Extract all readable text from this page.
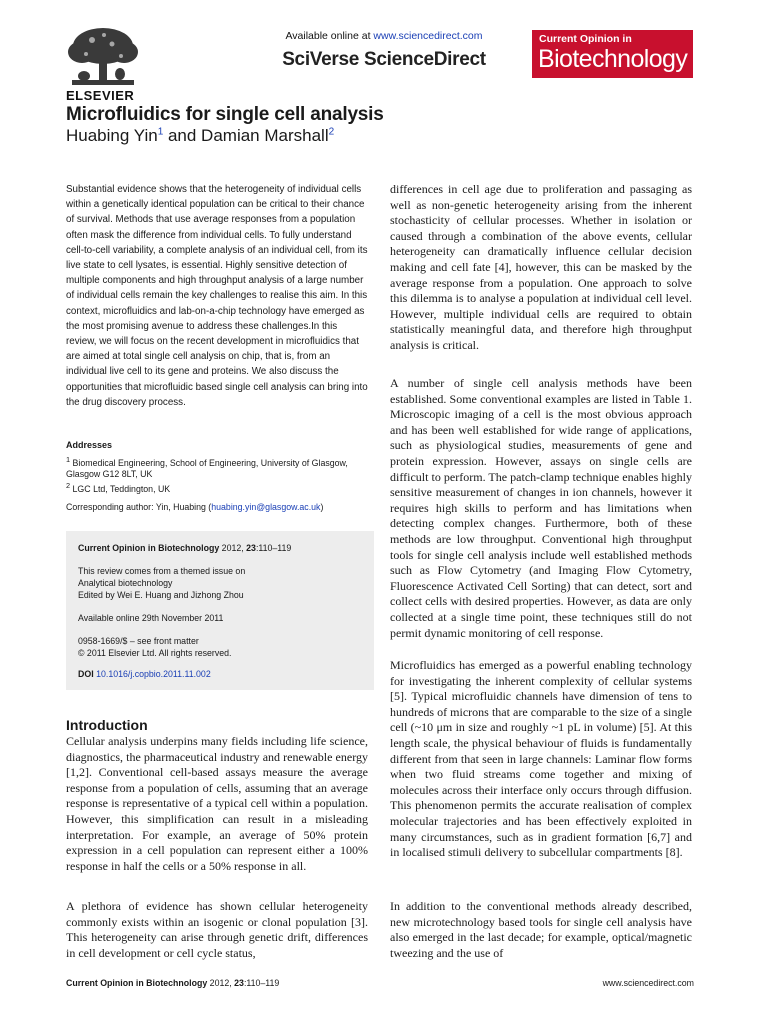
ELSEVIER
Available online at www.sciencedirect.com
SciVerse ScienceDirect
Current Opinion in
Biotechnology
Microfluidics for single cell analysis
Huabing Yin$^1$ and Damian Marshall$^2$
Substantial evidence shows that the heterogeneity of individual cells within a genetically identical population can be critical to their chance of survival. Methods that use average responses from a population often mask the difference from individual cells. To fully understand cell-to-cell variability, a complete analysis of an individual cell, from its live state to cell lysates, is essential. Highly sensitive detection of multiple components and high throughput analysis of a large number of individual cells remain the key challenges to realise this aim. In this context, microfluidics and lab-on-a-chip technology have emerged as the most promising avenue to address these challenges.In this review, we will focus on the recent development in microfluidics that are aimed at total single cell analysis on chip, that is, from an individual live cell to its gene and proteins. We also discuss the opportunities that microfluidic based single cell analysis can bring into the drug discovery process.
Addresses
$^1$ Biomedical Engineering, School of Engineering, University of Glasgow, Glasgow G12 8LT, UK
$^2$ LGC Ltd, Teddington, UK
Corresponding author: Yin, Huabing (huabing.yin@glasgow.ac.uk)
Current Opinion in Biotechnology 2012, 23:110–119
This review comes from a themed issue on
Analytical biotechnology
Edited by Wei E. Huang and Jizhong Zhou
Available online 29th November 2011
0958-1669/$ – see front matter
© 2011 Elsevier Ltd. All rights reserved.
DOI 10.1016/j.copbio.2011.11.002
Introduction
Cellular analysis underpins many fields including life science, diagnostics, the pharmaceutical industry and renewable energy [1,2]. Conventional cell-based assays measure the average response from a population of cells, assuming that an average response is representative of a typical cell within a population. However, this simplification can result in a misleading interpretation. For example, an average of 50% protein expression in a cell population can represent either a 100% response in half the cells or a 50% response in all.
A plethora of evidence has shown cellular heterogeneity commonly exists within an isogenic or clonal population [3]. This heterogeneity can arise through genetic drift, differences in cell development or cell cycle status,
differences in cell age due to proliferation and passaging as well as non-genetic heterogeneity arising from the inherent stochasticity of cellular processes. Whether in isolation or caused through a combination of the above events, cellular heterogeneity can dramatically influence cellular decision making and cell fate [4], however, this can be masked by the average response from a population. One approach to solve this dilemma is to analyse a population at individual cell level. However, multiple individual cells are required to obtain statistically meaningful data, and therefore high throughput analysis is critical.
A number of single cell analysis methods have been established. Some conventional examples are listed in Table 1. Microscopic imaging of a cell is the most obvious approach and has been well established for wide range of applications, such as physiological studies, measurements of gene and protein expression. However, assays on single cells are difficult to perform. The patch-clamp technique enables highly sensitive measurement of changes in ion channels, however it requires high skills to perform and has limitations when detecting complex changes. Furthermore, both of these methods are low throughput. Conventional high throughput tools for single cell analysis include well established methods such as Flow Cytometry (and Imaging Flow Cytometry, Fluorescence Activated Cell Sorting) that can detect, sort and collect cells with desired properties. However, as data are only collected at a single time point, these techniques still do not permit dynamic monitoring of cell response.
Microfluidics has emerged as a powerful enabling technology for investigating the inherent complexity of cellular systems [5]. Typical microfluidic channels have dimension of tens to hundreds of microns that are comparable to the size of a single cell (~10 μm in size and roughly ~1 pL in volume) [5]. At this length scale, the physical behaviour of fluids is fundamentally different from that seen in large channels: Laminar flow forms when two fluid streams come together and mixing of molecules across their interface only occurs through diffusion. This phenomenon permits the accurate realisation of complex molecular trajectories and has been effectively exploited in many circumstances, such as in gradient formation [6,7] and in localised stimuli delivery to subcellular compartments [8].
In addition to the conventional methods already described, new microtechnology based tools for single cell analysis have also emerged in the last decade; for example, optical/magnetic tweezing and the use of
Current Opinion in Biotechnology 2012, 23:110–119	www.sciencedirect.com
